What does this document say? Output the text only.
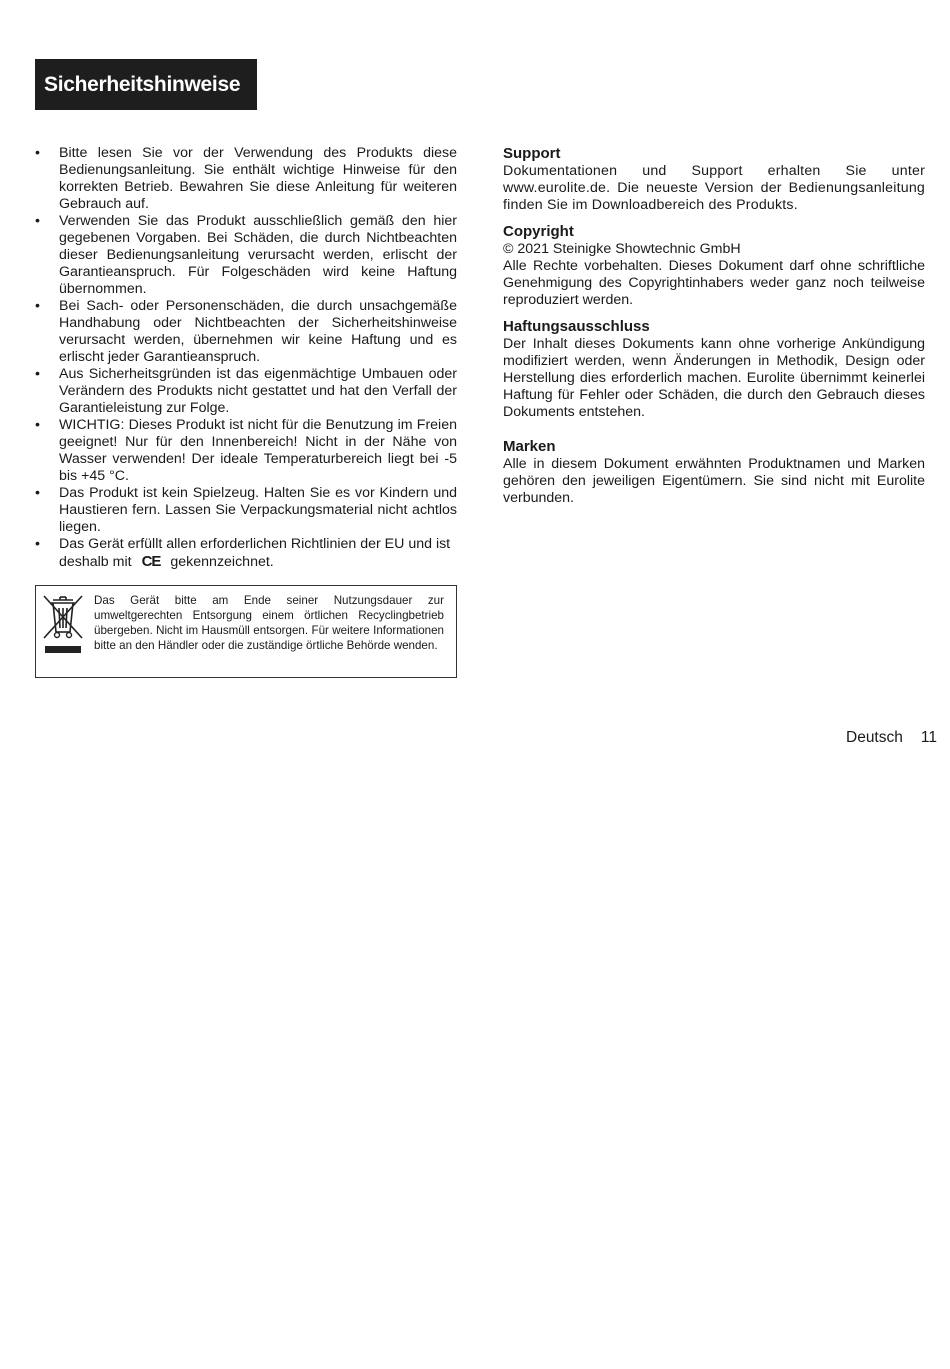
Sicherheitshinweise
•	Bitte lesen Sie vor der Verwendung des Produkts diese Bedienungsanleitung. Sie enthält wichtige Hinweise für den korrekten Betrieb. Bewahren Sie diese Anleitung für weiteren Gebrauch auf.
•	Verwenden Sie das Produkt ausschließlich gemäß den hier gegebenen Vorgaben. Bei Schäden, die durch Nichtbeachten dieser Bedienungsanleitung verursacht werden, erlischt der Garantieanspruch. Für Folgeschäden wird keine Haftung übernommen.
•	Bei Sach- oder Personenschäden, die durch unsachgemäße Handhabung oder Nichtbeachten der Sicherheitshinweise verursacht werden, übernehmen wir keine Haftung und es erlischt jeder Garantieanspruch.
•	Aus Sicherheitsgründen ist das eigenmächtige Umbauen oder Verändern des Produkts nicht gestattet und hat den Verfall der Garantieleistung zur Folge.
•	WICHTIG: Dieses Produkt ist nicht für die Benutzung im Freien geeignet! Nur für den Innenbereich! Nicht in der Nähe von Wasser verwenden! Der ideale Temperaturbereich liegt bei -5 bis +45 °C.
•	Das Produkt ist kein Spielzeug. Halten Sie es vor Kindern und Haustieren fern. Lassen Sie Verpackungsmaterial nicht achtlos liegen.
•	Das Gerät erfüllt allen erforderlichen Richtlinien der EU und ist deshalb mit CE gekennzeichnet.
Das Gerät bitte am Ende seiner Nutzungsdauer zur umweltgerechten Entsorgung einem örtlichen Recyclingbetrieb übergeben. Nicht im Hausmüll entsorgen. Für weitere Informationen bitte an den Händler oder die zuständige örtliche Behörde wenden.
Support

Dokumentationen und Support erhalten Sie unter www.eurolite.de. Die neueste Version der Bedienungsanleitung finden Sie im Downloadbereich des Produkts.

Copyright

© 2021 Steinigke Showtechnic GmbH

Alle Rechte vorbehalten. Dieses Dokument darf ohne schriftliche Genehmigung des Copyrightinhabers weder ganz noch teilweise reproduziert werden.

Haftungsausschluss

Der Inhalt dieses Dokuments kann ohne vorherige Ankündigung modifiziert werden, wenn Änderungen in Methodik, Design oder Herstellung dies erforderlich machen. Eurolite übernimmt keinerlei Haftung für Fehler oder Schäden, die durch den Gebrauch dieses Dokuments entstehen.

Marken

Alle in diesem Dokument erwähnten Produktnamen und Marken gehören den jeweiligen Eigentümern. Sie sind nicht mit Eurolite verbunden.

Deutsch 11
